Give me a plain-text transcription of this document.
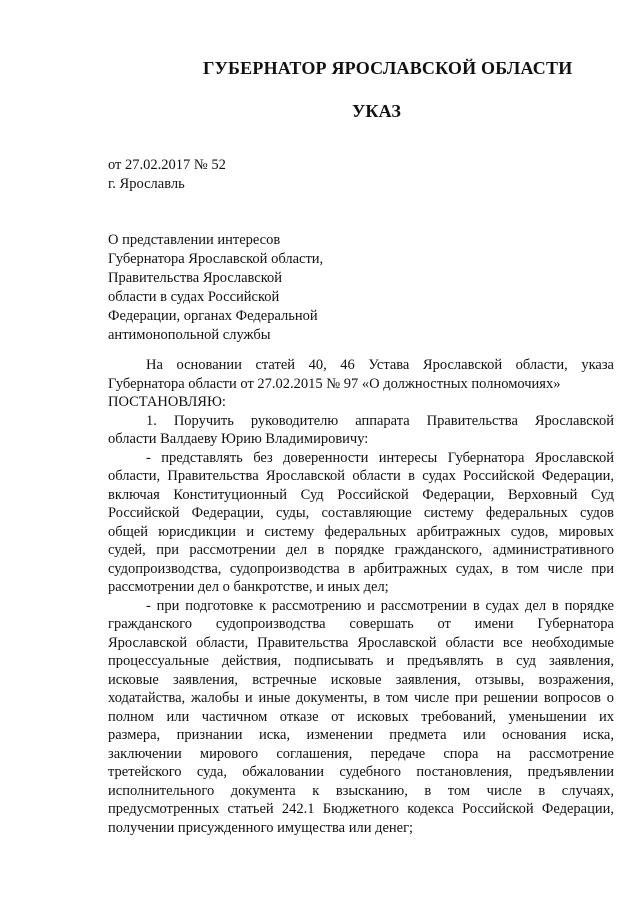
ГУБЕРНАТОР ЯРОСЛАВСКОЙ ОБЛАСТИ
УКАЗ
от 27.02.2017 № 52
г. Ярославль
О представлении интересов
Губернатора Ярославской области,
Правительства Ярославской
области в судах Российской
Федерации, органах Федеральной
антимонопольной службы
На основании статей 40, 46 Устава Ярославской области, указа
Губернатора области от 27.02.2015 № 97 «О должностных полномочиях»
ПОСТАНОВЛЯЮ:
1. Поручить руководителю аппарата Правительства Ярославской
области Валдаеву Юрию Владимировичу:
- представлять без доверенности интересы Губернатора Ярославской
области, Правительства Ярославской области в судах Российской Федерации,
включая Конституционный Суд Российской Федерации, Верховный Суд
Российской Федерации, суды, составляющие систему федеральных судов
общей юрисдикции и систему федеральных арбитражных судов, мировых
судей, при рассмотрении дел в порядке гражданского, административного
судопроизводства, судопроизводства в арбитражных судах, в том числе при
рассмотрении дел о банкротстве, и иных дел;
- при подготовке к рассмотрению и рассмотрении в судах дел в порядке
гражданского судопроизводства совершать от имени Губернатора
Ярославской области, Правительства Ярославской области все необходимые
процессуальные действия, подписывать и предъявлять в суд заявления,
исковые заявления, встречные исковые заявления, отзывы, возражения,
ходатайства, жалобы и иные документы, в том числе при решении вопросов о
полном или частичном отказе от исковых требований, уменьшении их
размера, признании иска, изменении предмета или основания иска,
заключении мирового соглашения, передаче спора на рассмотрение
третейского суда, обжаловании судебного постановления, предъявлении
исполнительного документа к взысканию, в том числе в случаях,
предусмотренных статьей 242.1 Бюджетного кодекса Российской Федерации,
получении присужденного имущества или денег;
